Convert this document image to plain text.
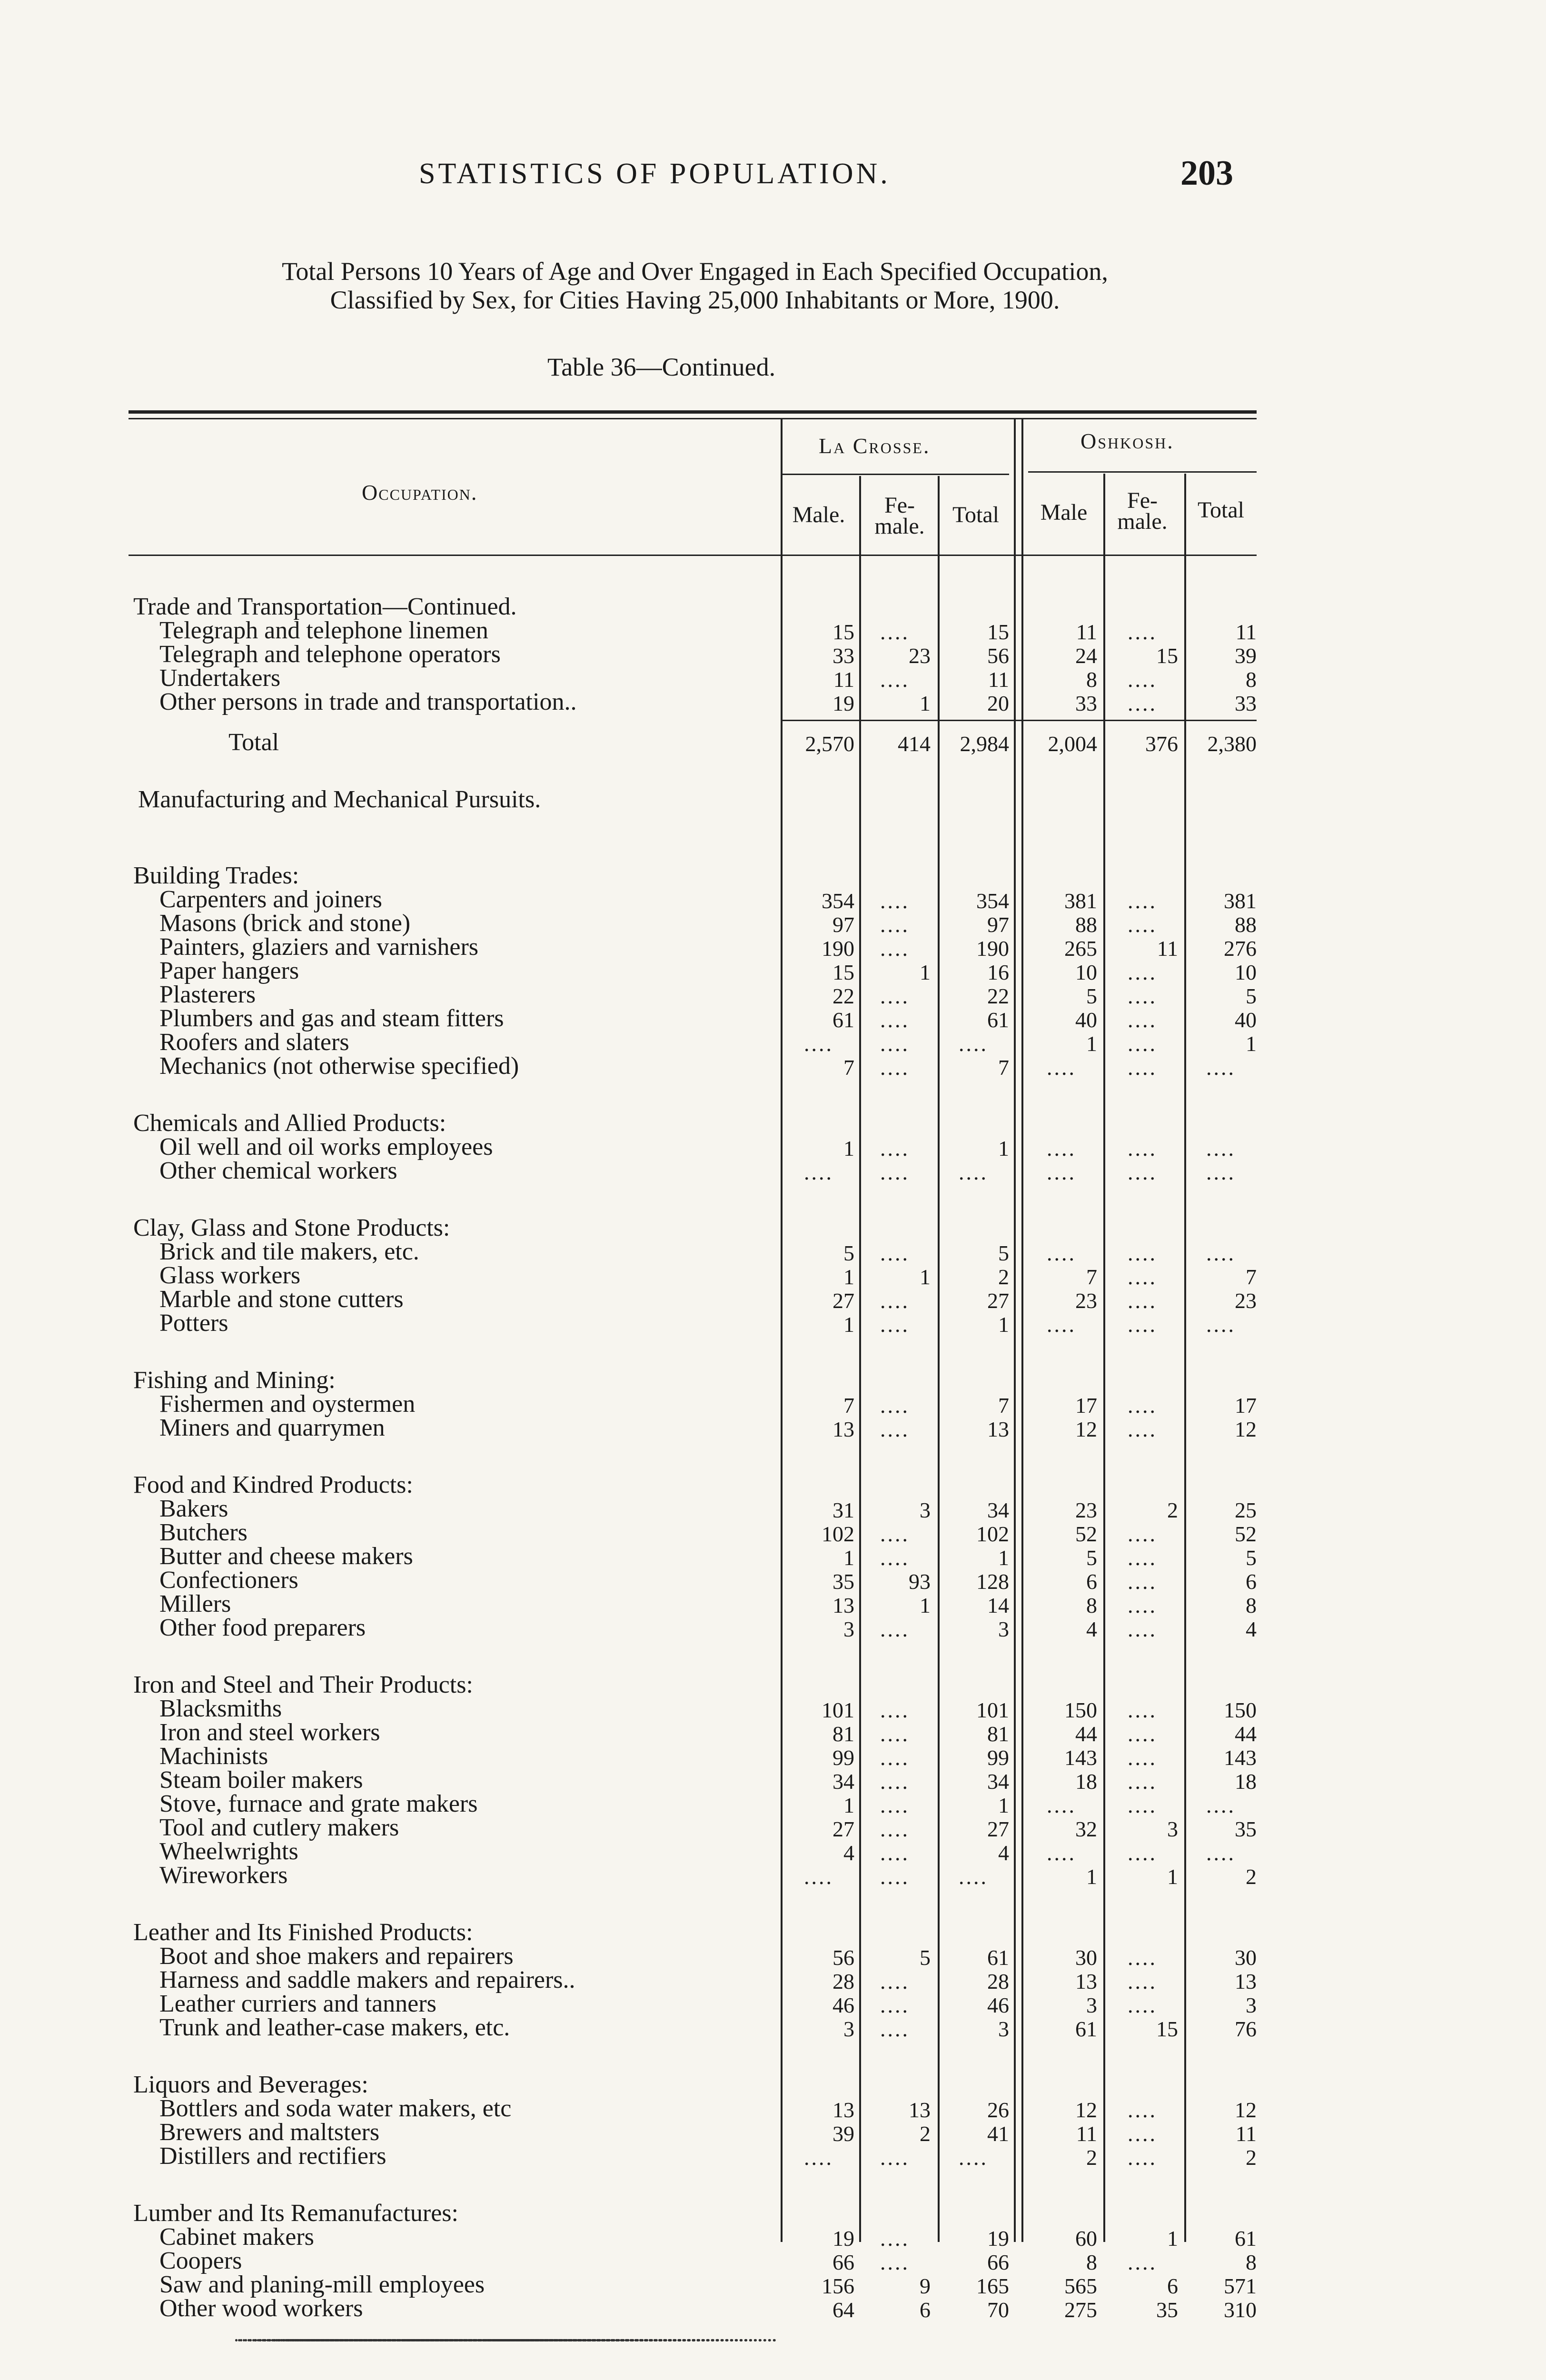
STATISTICS OF POPULATION.	203
Total Persons 10 Years of Age and Over Engaged in Each Specified Occupation,
Classified by Sex, for Cities Having 25,000 Inhabitants or More, 1900.
Table 36—Continued.
Occupation.
La Crosse.	Oshkosh.
Male.	Fe-male.	Total	Male	Fe-male.	Total
Trade and Transportation—Continued.
Telegraph and telephone linemen	15	....	15	11	....	11
Telegraph and telephone operators	33	23	56	24	15	39
Undertakers	11	....	11	8	....	8
Other persons in trade and transportation..	19	1	20	33	....	33
Total	2,570	414	2,984	2,004	376	2,380
Manufacturing and Mechanical Pursuits.
Building Trades:
Carpenters and joiners	354	....	354	381	....	381
Masons (brick and stone)	97	....	97	88	....	88
Painters, glaziers and varnishers	190	....	190	265	11	276
Paper hangers	15	1	16	10	....	10
Plasterers	22	....	22	5	....	5
Plumbers and gas and steam fitters	61	....	61	40	....	40
Roofers and slaters	....	....	....	1	....	1
Mechanics (not otherwise specified)	7	....	7	....	....	....
Chemicals and Allied Products:
Oil well and oil works employees	1	....	1	....	....	....
Other chemical workers	....	....	....	....	....	....
Clay, Glass and Stone Products:
Brick and tile makers, etc.	5	....	5	....	....	....
Glass workers	1	1	2	7	....	7
Marble and stone cutters	27	....	27	23	....	23
Potters	1	....	1	....	....	....
Fishing and Mining:
Fishermen and oystermen	7	....	7	17	....	17
Miners and quarrymen	13	....	13	12	....	12
Food and Kindred Products:
Bakers	31	3	34	23	2	25
Butchers	102	....	102	52	....	52
Butter and cheese makers	1	....	1	5	....	5
Confectioners	35	93	128	6	....	6
Millers	13	1	14	8	....	8
Other food preparers	3	....	3	4	....	4
Iron and Steel and Their Products:
Blacksmiths	101	....	101	150	....	150
Iron and steel workers	81	....	81	44	....	44
Machinists	99	....	99	143	....	143
Steam boiler makers	34	....	34	18	....	18
Stove, furnace and grate makers	1	....	1	....	....	....
Tool and cutlery makers	27	....	27	32	3	35
Wheelwrights	4	....	4	....	....	....
Wireworkers	....	....	....	1	1	2
Leather and Its Finished Products:
Boot and shoe makers and repairers	56	5	61	30	....	30
Harness and saddle makers and repairers..	28	....	28	13	....	13
Leather curriers and tanners	46	....	46	3	....	3
Trunk and leather-case makers, etc.	3	....	3	61	15	76
Liquors and Beverages:
Bottlers and soda water makers, etc	13	13	26	12	....	12
Brewers and maltsters	39	2	41	11	....	11
Distillers and rectifiers	....	....	....	2	....	2
Lumber and Its Remanufactures:
Cabinet makers	19	....	19	60	1	61
Coopers	66	....	66	8	....	8
Saw and planing-mill employees	156	9	165	565	6	571
Other wood workers	64	6	70	275	35	310
